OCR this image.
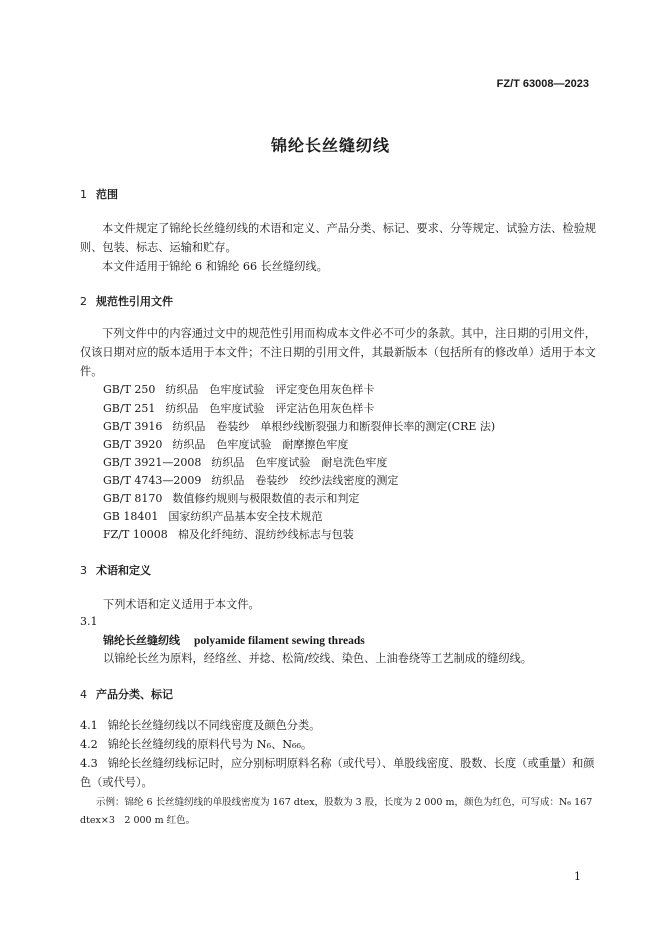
FZ/T 63008—2023
锦纶长丝缝纫线
1 范围
本文件规定了锦纶长丝缝纫线的术语和定义、产品分类、标记、要求、分等规定、试验方法、检验规则、包装、标志、运输和贮存。
本文件适用于锦纶 6 和锦纶 66 长丝缝纫线。
2 规范性引用文件
下列文件中的内容通过文中的规范性引用而构成本文件必不可少的条款。其中，注日期的引用文件，仅该日期对应的版本适用于本文件；不注日期的引用文件，其最新版本（包括所有的修改单）适用于本文件。
GB/T 250 纺织品　色牢度试验　评定变色用灰色样卡
GB/T 251 纺织品　色牢度试验　评定沾色用灰色样卡
GB/T 3916 纺织品　卷装纱　单根纱线断裂强力和断裂伸长率的测定(CRE 法)
GB/T 3920 纺织品　色牢度试验　耐摩擦色牢度
GB/T 3921—2008 纺织品　色牢度试验　耐皂洗色牢度
GB/T 4743—2009 纺织品　卷装纱　绞纱法线密度的测定
GB/T 8170 数值修约规则与极限数值的表示和判定
GB 18401 国家纺织产品基本安全技术规范
FZ/T 10008 棉及化纤纯纺、混纺纱线标志与包装
3 术语和定义
下列术语和定义适用于本文件。
3.1
锦纶长丝缝纫线 polyamide filament sewing threads
以锦纶长丝为原料，经络丝、并捻、松筒/绞线、染色、上油卷绕等工艺制成的缝纫线。
4 产品分类、标记
4.1 锦纶长丝缝纫线以不同线密度及颜色分类。
4.2 锦纶长丝缝纫线的原料代号为 N₆、N₆₆。
4.3 锦纶长丝缝纫线标记时，应分别标明原料名称（或代号）、单股线密度、股数、长度（或重量）和颜色（或代号）。
示例：锦纶 6 长丝缝纫线的单股线密度为 167 dtex，股数为 3 股，长度为 2 000 m，颜色为红色，可写成：N₆ 167 dtex×3　2 000 m 红色。
1
